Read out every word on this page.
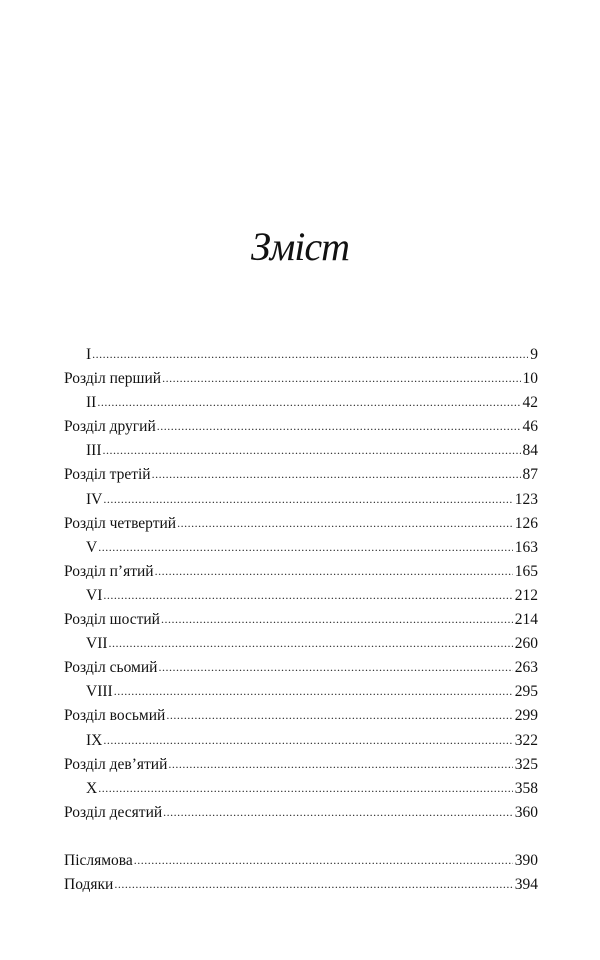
Зміст
I .....	9
Розділ перший .....	10
II .....	42
Розділ другий .....	46
III .....	84
Розділ третій .....	87
IV .....	123
Розділ четвертий .....	126
V .....	163
Розділ п’ятий .....	165
VI .....	212
Розділ шостий .....	214
VII .....	260
Розділ сьомий .....	263
VIII .....	295
Розділ восьмий .....	299
IX .....	322
Розділ дев’ятий .....	325
X .....	358
Розділ десятий .....	360
Післямова .....	390
Подяки .....	394
